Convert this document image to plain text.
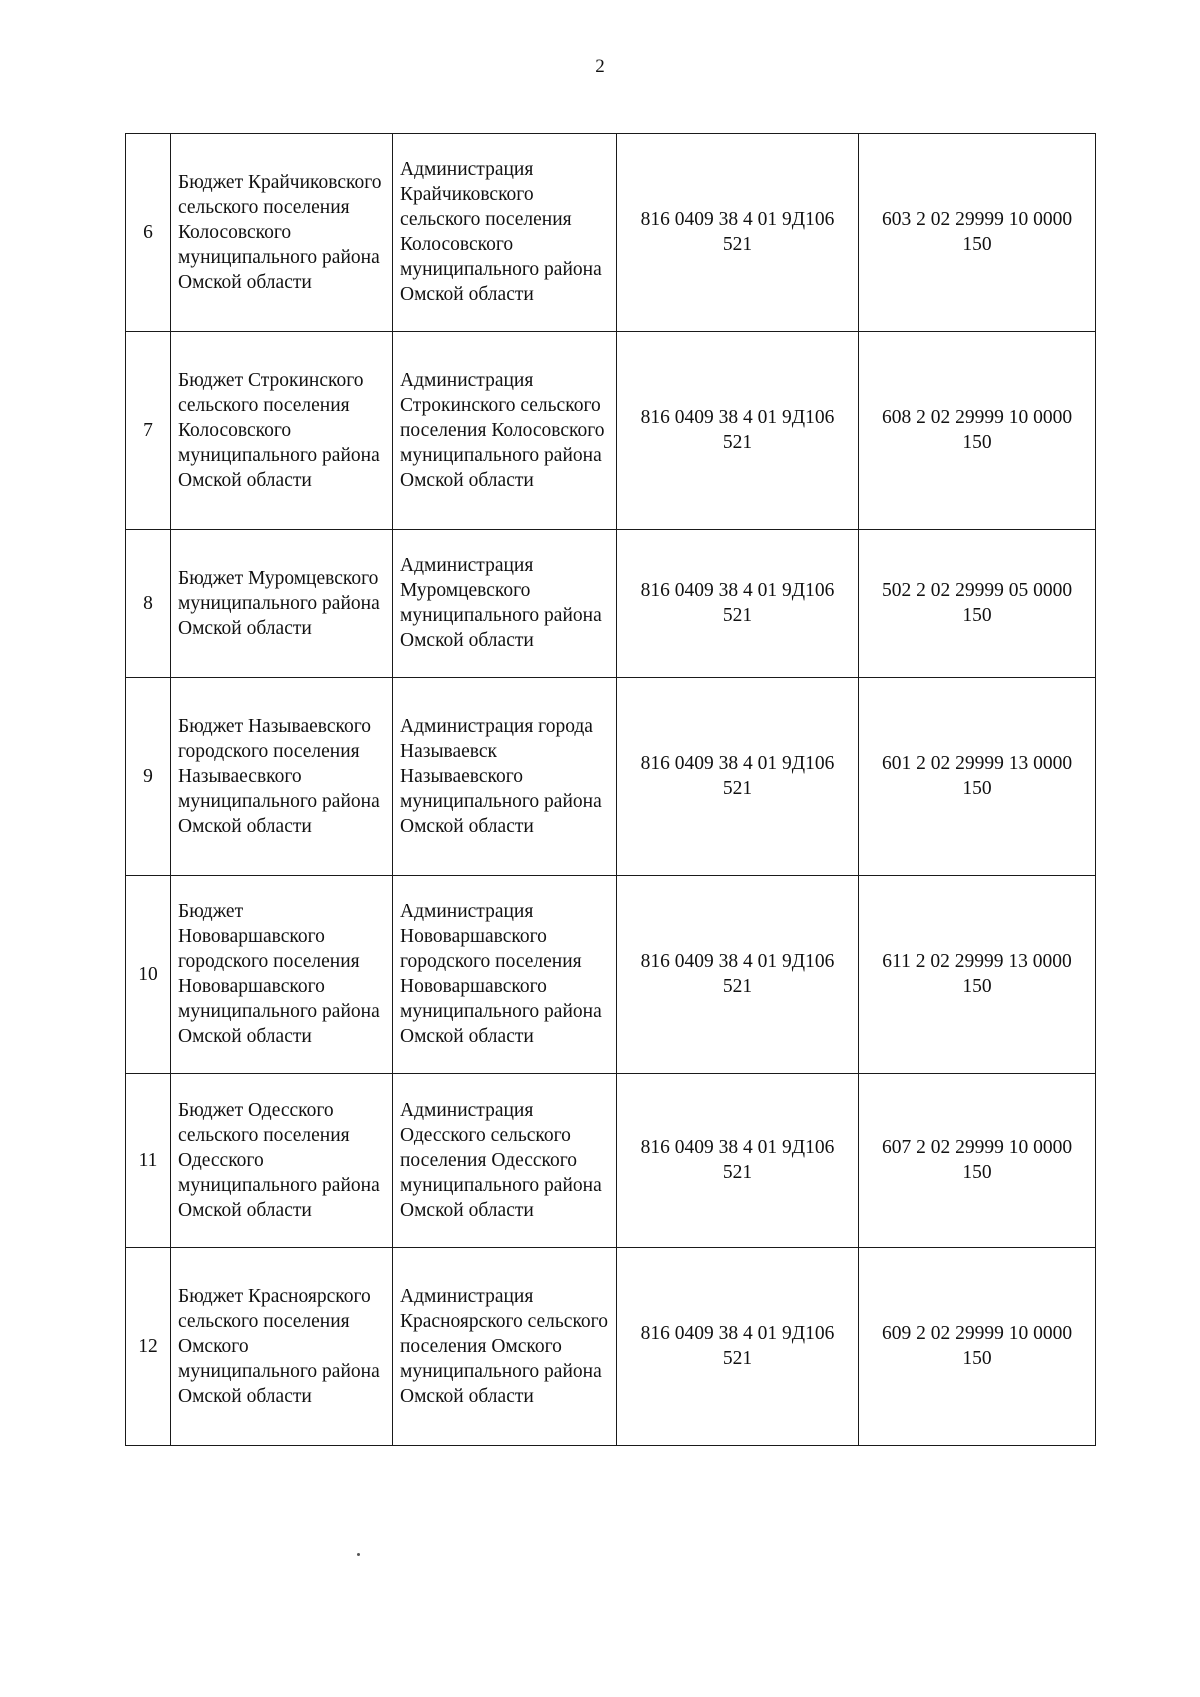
2
6	Бюджет Крайчиковского сельского поселения Колосовского муниципального района Омской области	Администрация Крайчиковского сельского поселения Колосовского муниципального района Омской области	816 0409 38 4 01 9Д106 521	603 2 02 29999 10 0000 150
7	Бюджет Строкинского сельского поселения Колосовского муниципального района Омской области	Администрация Строкинского сельского поселения Колосовского муниципального района Омской области	816 0409 38 4 01 9Д106 521	608 2 02 29999 10 0000 150
8	Бюджет Муромцевского муниципального района Омской области	Администрация Муромцевского муниципального района Омской области	816 0409 38 4 01 9Д106 521	502 2 02 29999 05 0000 150
9	Бюджет Называевского городского поселения Называесвкого муниципального района Омской области	Администрация города Называевск Называевского муниципального района Омской области	816 0409 38 4 01 9Д106 521	601 2 02 29999 13 0000 150
10	Бюджет Нововаршавского городского поселения Нововаршавского муниципального района Омской области	Администрация Нововаршавского городского поселения Нововаршавского муниципального района Омской области	816 0409 38 4 01 9Д106 521	611 2 02 29999 13 0000 150
11	Бюджет Одесского сельского поселения Одесского муниципального района Омской области	Администрация Одесского сельского поселения Одесского муниципального района Омской области	816 0409 38 4 01 9Д106 521	607 2 02 29999 10 0000 150
12	Бюджет Красноярского сельского поселения Омского муниципального района Омской области	Администрация Красноярского сельского поселения Омского муниципального района Омской области	816 0409 38 4 01 9Д106 521	609 2 02 29999 10 0000 150
